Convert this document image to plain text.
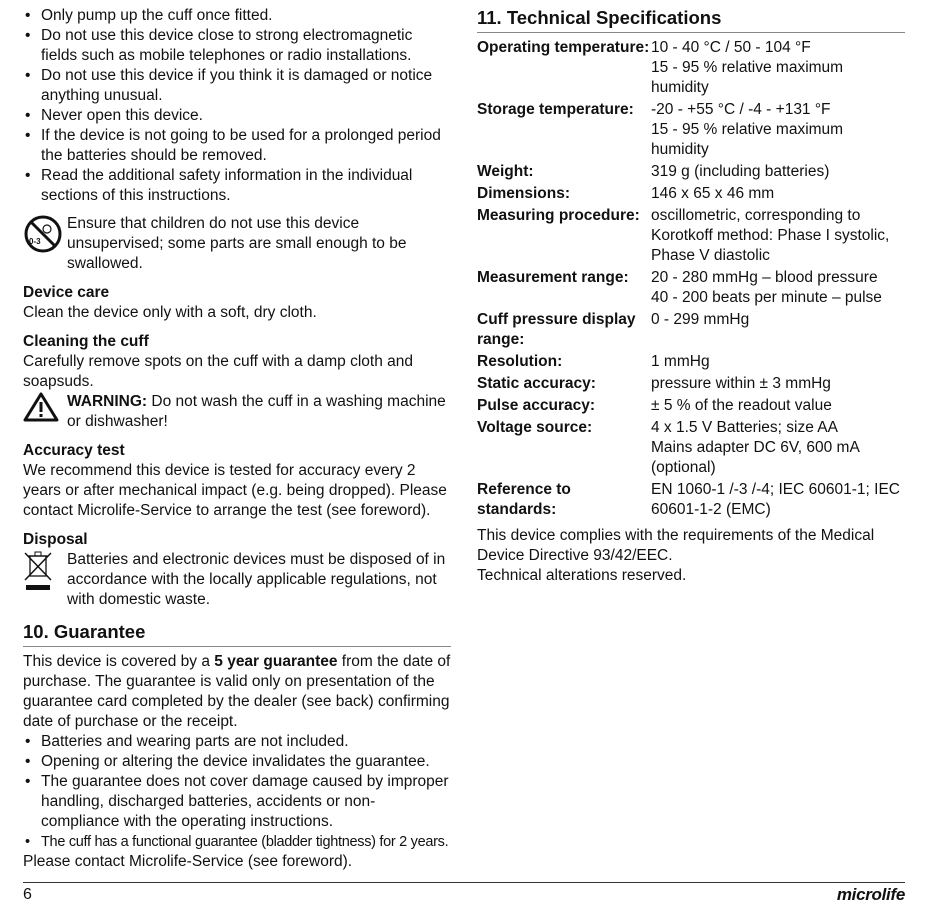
• Only pump up the cuff once fitted.
• Do not use this device close to strong electromagnetic fields such as mobile telephones or radio installations.
• Do not use this device if you think it is damaged or notice anything unusual.
• Never open this device.
• If the device is not going to be used for a prolonged period the batteries should be removed.
• Read the additional safety information in the individual sections of this instructions.
0-3
Ensure that children do not use this device unsupervised; some parts are small enough to be swallowed.
Device care

Clean the device only with a soft, dry cloth.

Cleaning the cuff

Carefully remove spots on the cuff with a damp cloth and soapsuds.

WARNING: Do not wash the cuff in a washing machine or dishwasher!
Accuracy test

We recommend this device is tested for accuracy every 2 years or after mechanical impact (e.g. being dropped). Please contact Microlife-Service to arrange the test (see foreword).

Disposal
Batteries and electronic devices must be disposed of in accordance with the locally applicable regulations, not with domestic waste.
10. Guarantee

This device is covered by a 5 year guarantee from the date of purchase. The guarantee is valid only on presentation of the guarantee card completed by the dealer (see back) confirming date of purchase or the receipt.

• Batteries and wearing parts are not included.
• Opening or altering the device invalidates the guarantee.
• The guarantee does not cover damage caused by improper handling, discharged batteries, accidents or non-compliance with the operating instructions.
• The cuff has a functional guarantee (bladder tightness) for 2 years.

Please contact Microlife-Service (see foreword).

11. Technical Specifications
Operating temperature: 10 - 40 °C / 50 - 104 °F
15 - 95 % relative maximum humidity
Storage temperature:	-20 - +55 °C / -4 - +131 °F
15 - 95 % relative maximum humidity
Weight:	319 g (including batteries)
Dimensions:	146 x 65 x 46 mm
Measuring procedure: oscillometric, corresponding to Korotkoff method: Phase I systolic, Phase V diastolic
Measurement range:	20 - 280 mmHg – blood pressure
40 - 200 beats per minute – pulse
Cuff pressure display range:
0 - 299 mmHg
Resolution:	1 mmHg
Static accuracy:	pressure within ± 3 mmHg
Pulse accuracy:	± 5 % of the readout value
Voltage source:	4 x 1.5 V Batteries; size AA
Mains adapter DC 6V, 600 mA (optional)
Reference to standards:
EN 1060-1 /-3 /-4; IEC 60601-1; IEC 60601-1-2 (EMC)

This device complies with the requirements of the Medical Device Directive 93/42/EEC.

Technical alterations reserved.

6	microlife
